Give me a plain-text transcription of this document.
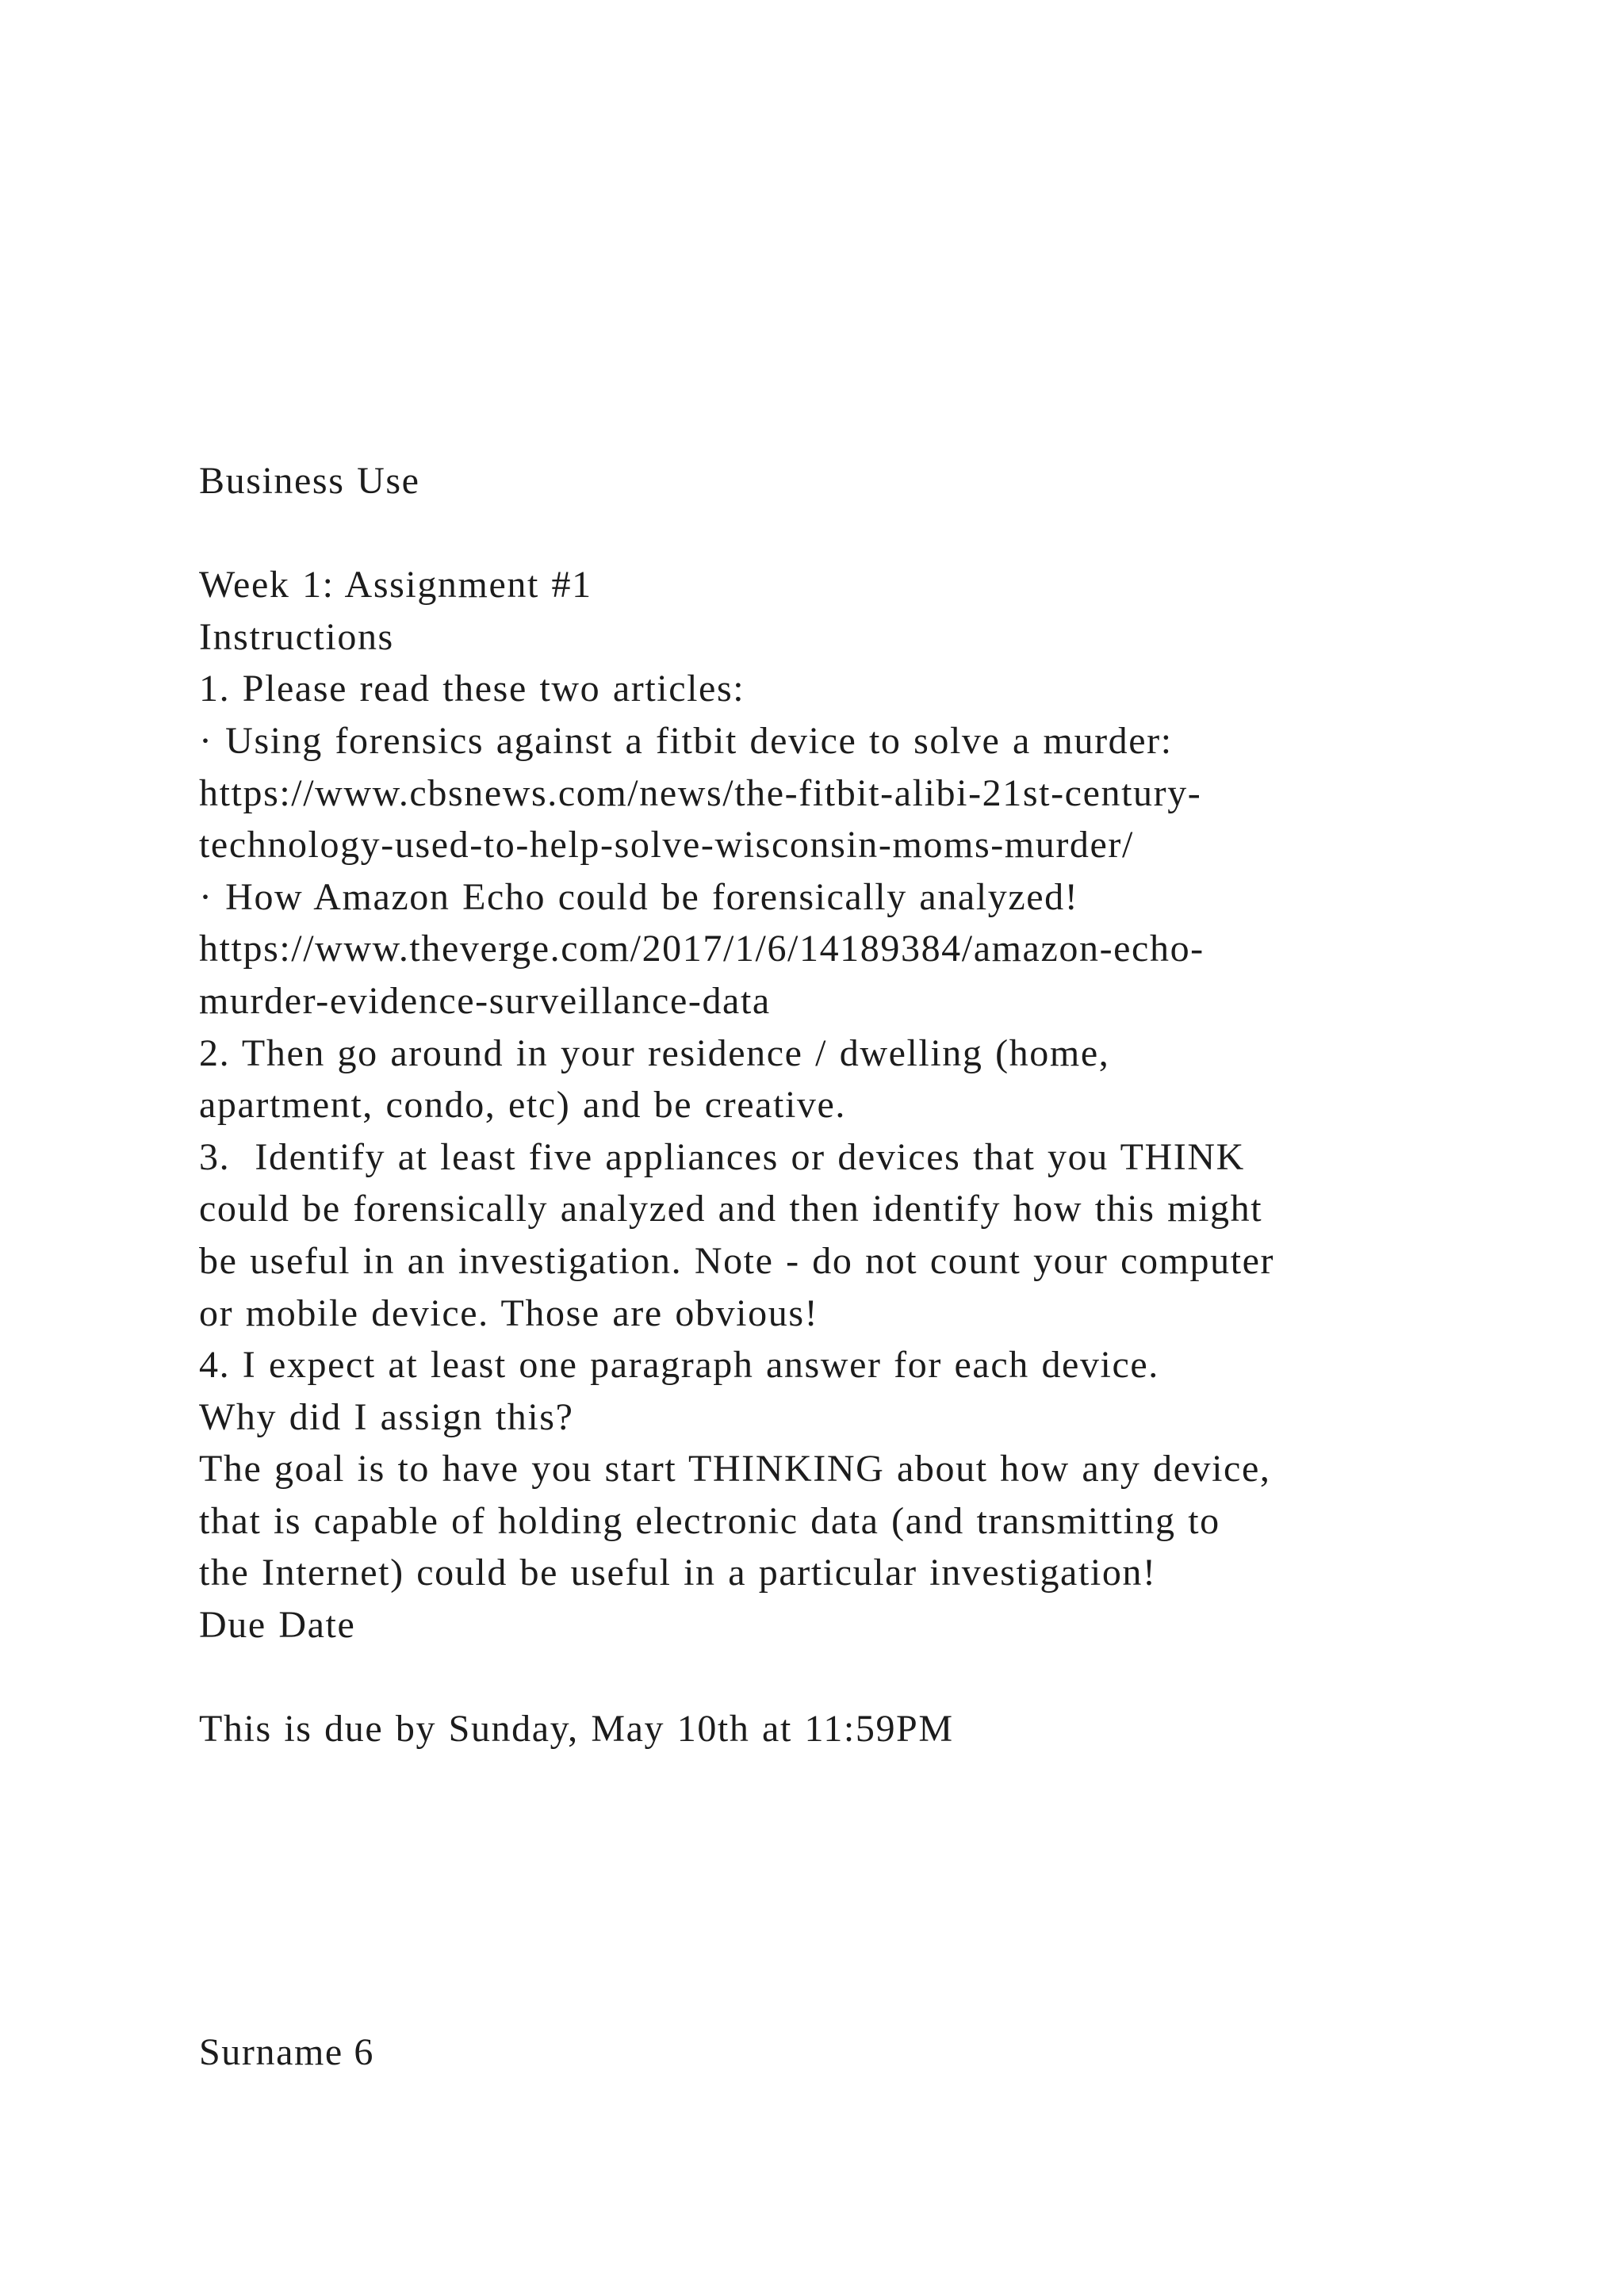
Business Use
Week 1: Assignment #1
Instructions
1. Please read these two articles:
· Using forensics against a fitbit device to solve a murder:
https://www.cbsnews.com/news/the-fitbit-alibi-21st-century-
technology-used-to-help-solve-wisconsin-moms-murder/
· How Amazon Echo could be forensically analyzed!
https://www.theverge.com/2017/1/6/14189384/amazon-echo-
murder-evidence-surveillance-data
2. Then go around in your residence / dwelling (home,
apartment, condo, etc) and be creative.
3.  Identify at least five appliances or devices that you THINK
could be forensically analyzed and then identify how this might
be useful in an investigation. Note - do not count your computer
or mobile device. Those are obvious!
4. I expect at least one paragraph answer for each device.
Why did I assign this?
The goal is to have you start THINKING about how any device,
that is capable of holding electronic data (and transmitting to
the Internet) could be useful in a particular investigation!
Due Date
This is due by Sunday, May 10th at 11:59PM
Surname 6
